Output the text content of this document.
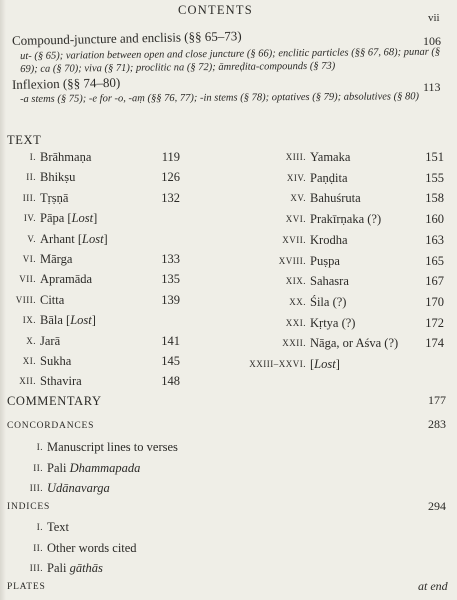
CONTENTS
vii
Compound-juncture and enclisis (§§ 65–73)	106
ut- (§ 65); variation between open and close juncture (§ 66); enclitic particles (§§ 67, 68); punar (§ 69); ca (§ 70); viva (§ 71); proclitic na (§ 72); āmreḍita-compounds (§ 73)
Inflexion (§§ 74–80)	113
-a stems (§ 75); -e for -o, -aṃ (§§ 76, 77); -in stems (§ 78); optatives (§ 79); absolutives (§ 80)
TEXT
I. Brāhmaṇa	119
II. Bhikṣu	126
III. Tṛṣṇā	132
IV. Pāpa [Lost]
V. Arhant [Lost]
VI. Mārga	133
VII. Apramāda	135
VIII. Citta	139
IX. Bāla [Lost]
X. Jarā	141
XI. Sukha	145
XII. Sthavira	148
XIII. Yamaka	151
XIV. Paṇḍita	155
XV. Bahuśruta	158
XVI. Prakīrṇaka (?)	160
XVII. Krodha	163
XVIII. Puṣpa	165
XIX. Sahasra	167
XX. Śila (?)	170
XXI. Kṛtya (?)	172
XXII. Nāga, or Aśva (?)	174
XXIII–XXVI. [Lost]
COMMENTARY	177
CONCORDANCES	283
I. Manuscript lines to verses
II. Pali Dhammapada
III. Udānavarga
INDICES	294
I. Text
II. Other words cited
III. Pali gāthās
PLATES	at end
